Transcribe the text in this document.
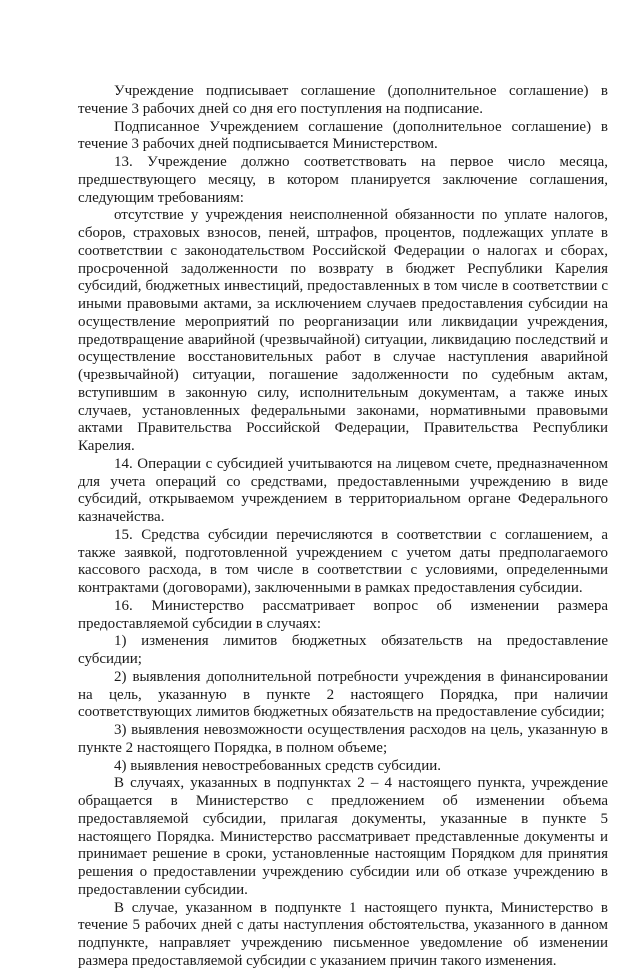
Учреждение подписывает соглашение (дополнительное соглашение) в течение 3 рабочих дней со дня его поступления на подписание.

Подписанное Учреждением соглашение (дополнительное соглашение) в течение 3 рабочих дней подписывается Министерством.

13. Учреждение должно соответствовать на первое число месяца, предшествующего месяцу, в котором планируется заключение соглашения, следующим требованиям:

отсутствие у учреждения неисполненной обязанности по уплате налогов, сборов, страховых взносов, пеней, штрафов, процентов, подлежащих уплате в соответствии с законодательством Российской Федерации о налогах и сборах, просроченной задолженности по возврату в бюджет Республики Карелия субсидий, бюджетных инвестиций, предоставленных в том числе в соответствии с иными правовыми актами, за исключением случаев предоставления субсидии на осуществление мероприятий по реорганизации или ликвидации учреждения, предотвращение аварийной (чрезвычайной) ситуации, ликвидацию последствий и осуществление восстановительных работ в случае наступления аварийной (чрезвычайной) ситуации, погашение задолженности по судебным актам, вступившим в законную силу, исполнительным документам, а также иных случаев, установленных федеральными законами, нормативными правовыми актами Правительства Российской Федерации, Правительства Республики Карелия.

14. Операции с субсидией учитываются на лицевом счете, предназначенном для учета операций со средствами, предоставленными учреждению в виде субсидий, открываемом учреждением в территориальном органе Федерального казначейства.

15. Средства субсидии перечисляются в соответствии с соглашением, а также заявкой, подготовленной учреждением с учетом даты предполагаемого кассового расхода, в том числе в соответствии с условиями, определенными контрактами (договорами), заключенными в рамках предоставления субсидии.

16. Министерство рассматривает вопрос об изменении размера предоставляемой субсидии в случаях:

1) изменения лимитов бюджетных обязательств на предоставление субсидии;

2) выявления дополнительной потребности учреждения в финансировании на цель, указанную в пункте 2 настоящего Порядка, при наличии соответствующих лимитов бюджетных обязательств на предоставление субсидии;

3) выявления невозможности осуществления расходов на цель, указанную в пункте 2 настоящего Порядка, в полном объеме;

4) выявления невостребованных средств субсидии.

В случаях, указанных в подпунктах 2 – 4 настоящего пункта, учреждение обращается в Министерство с предложением об изменении объема предоставляемой субсидии, прилагая документы, указанные в пункте 5 настоящего Порядка. Министерство рассматривает представленные документы и принимает решение в сроки, установленные настоящим Порядком для принятия решения о предоставлении учреждению субсидии или об отказе учреждению в предоставлении субсидии.

В случае, указанном в подпункте 1 настоящего пункта, Министерство в течение 5 рабочих дней с даты наступления обстоятельства, указанного в данном подпункте, направляет учреждению письменное уведомление об изменении размера предоставляемой субсидии с указанием причин такого изменения.
